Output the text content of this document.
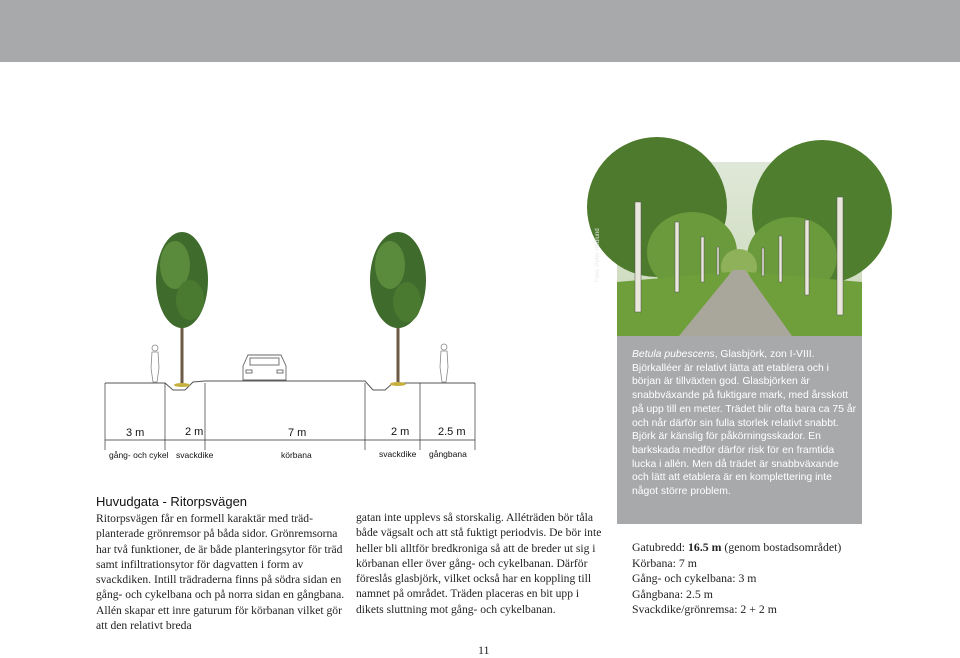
3 m	2 m	7 m	2 m	2.5 m
gång- och cykel svackdike	körbana	svackdike gångbana
Huvudgata - Ritorpsvägen

Ritorpsvägen får en formell karaktär med trädplanterade grönremsor på båda sidor. Grönremsorna har två funktioner, de är både planteringsytor för träd samt infiltrationsytor för dagvatten i form av svackdiken. Intill trädraderna finns på södra sidan en gång- och cykelbana och på norra sidan en gångbana. Allén skapar ett inre gaturum för körbanan vilket gör att den relativt breda

gatan inte upplevs så storskalig. Alléträden bör tåla både vägsalt och att stå fuktigt periodvis. De bör inte heller bli alltför bredkroniga så att de breder ut sig i körbanan eller över gång- och cykelbanan. Därför föreslås glasbjörk, vilket också har en koppling till namnet på området. Träden placeras en bit upp i dikets sluttning mot gång- och cykelbanan.

Foto: Peter Hedlund

Betula pubescens, Glasbjörk, zon I-VIII. Björkalléer är relativt lätta att etablera och i början är tillväxten god. Glasbjörken är snabbväxande på fuktigare mark, med årsskott på upp till en meter. Trädet blir ofta bara ca 75 år och når därför sin fulla storlek relativt snabbt.

Björk är känslig för påkörningsskador. En barkskada medför därför risk för en framtida lucka i allén. Men då trädet är snabbväxande och lätt att etablera är en komplettering inte något större problem.

Gatubredd: 16.5 m (genom bostadsområdet)
Körbana: 7 m
Gång- och cykelbana: 3 m
Gångbana: 2.5 m
Svackdike/grönremsa: 2 + 2 m
11
